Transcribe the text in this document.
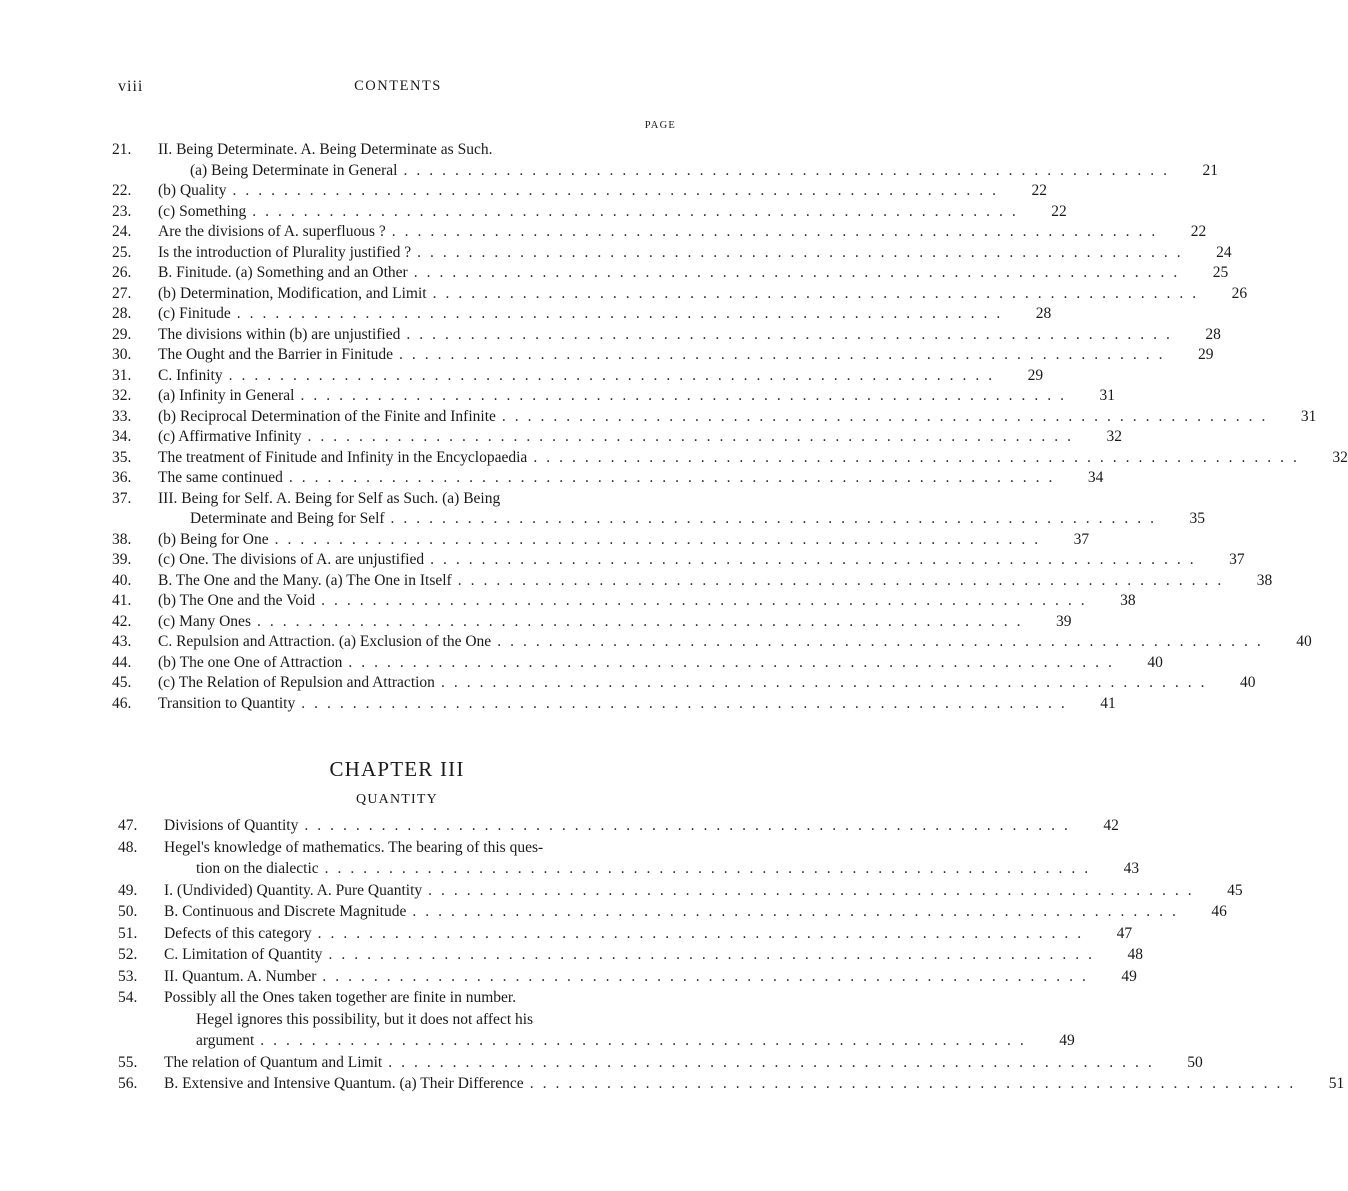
viii	CONTENTS
PAGE
21.	II. Being Determinate. A. Being Determinate as Such.
(a) Being Determinate in General ............................................................	21
22.	(b) Quality ............................................................	22
23.	(c) Something ............................................................	22
24.	Are the divisions of A. superfluous ? ............................................................	22
25.	Is the introduction of Plurality justified ? ............................................................	24
26.	B. Finitude. (a) Something and an Other ............................................................	25
27.	(b) Determination, Modification, and Limit ............................................................	26
28.	(c) Finitude ............................................................	28
29.	The divisions within (b) are unjustified ............................................................	28
30.	The Ought and the Barrier in Finitude ............................................................	29
31.	C. Infinity ............................................................	29
32.	(a) Infinity in General ............................................................	31
33.	(b) Reciprocal Determination of the Finite and Infinite ............................................................	31
34.	(c) Affirmative Infinity ............................................................	32
35.	The treatment of Finitude and Infinity in the Encyclopaedia ............................................................	32
36.	The same continued ............................................................	34
37.	III. Being for Self. A. Being for Self as Such. (a) Being
Determinate and Being for Self ............................................................	35
38.	(b) Being for One ............................................................	37
39.	(c) One. The divisions of A. are unjustified ............................................................	37
40.	B. The One and the Many. (a) The One in Itself ............................................................	38
41.	(b) The One and the Void ............................................................	38
42.	(c) Many Ones ............................................................	39
43.	C. Repulsion and Attraction. (a) Exclusion of the One ............................................................	40
44.	(b) The one One of Attraction ............................................................	40
45.	(c) The Relation of Repulsion and Attraction ............................................................	40
46.	Transition to Quantity ............................................................	41
CHAPTER III
QUANTITY
47.	Divisions of Quantity ............................................................	42
48.	Hegel's knowledge of mathematics. The bearing of this ques-
tion on the dialectic ............................................................	43
49.	I. (Undivided) Quantity. A. Pure Quantity ............................................................	45
50.	B. Continuous and Discrete Magnitude ............................................................	46
51.	Defects of this category ............................................................	47
52.	C. Limitation of Quantity ............................................................	48
53.	II. Quantum. A. Number ............................................................	49
54.	Possibly all the Ones taken together are finite in number.
Hegel ignores this possibility, but it does not affect his
argument ............................................................	49
55.	The relation of Quantum and Limit ............................................................	50
56.	B. Extensive and Intensive Quantum. (a) Their Difference ............................................................	51
